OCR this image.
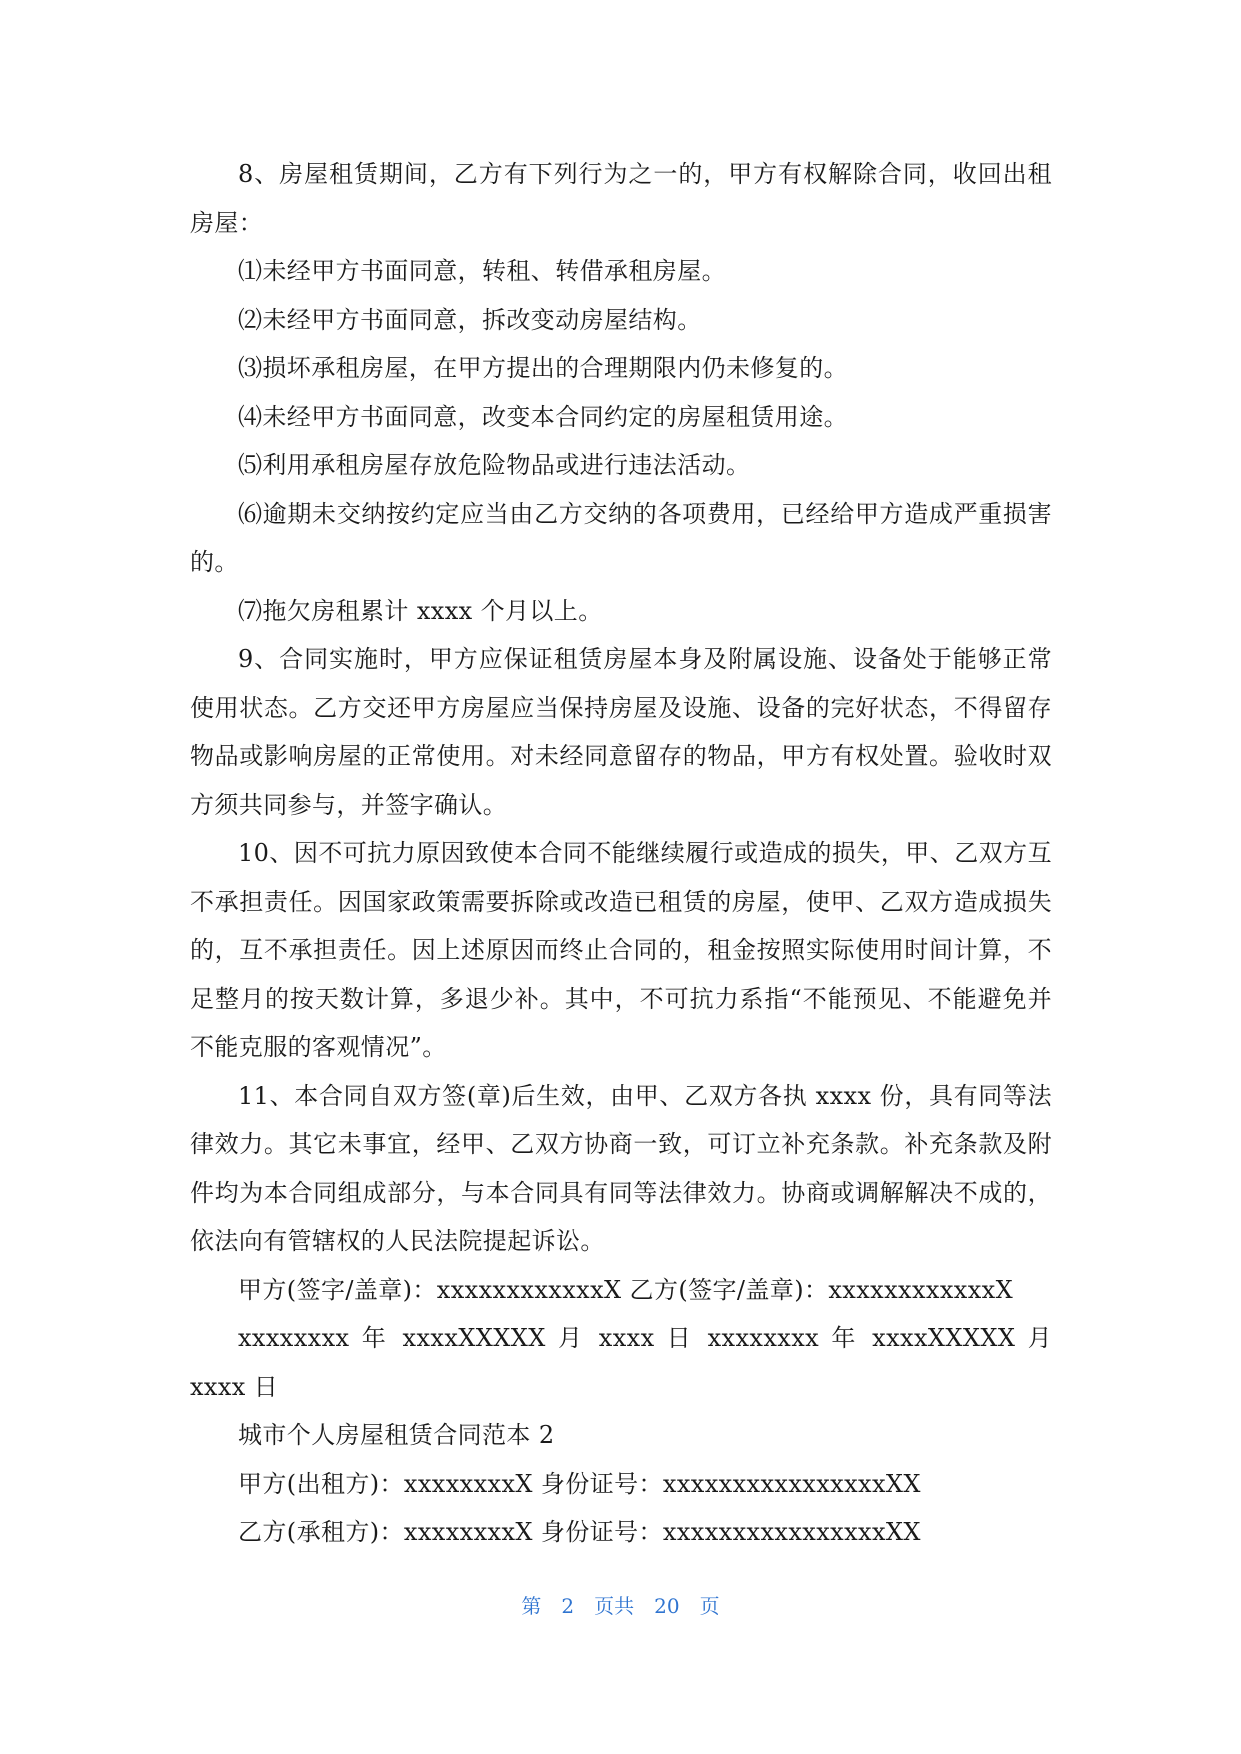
8、房屋租赁期间，乙方有下列行为之一的，甲方有权解除合同，收回出租房屋：

⑴未经甲方书面同意，转租、转借承租房屋。

⑵未经甲方书面同意，拆改变动房屋结构。

⑶损坏承租房屋，在甲方提出的合理期限内仍未修复的。

⑷未经甲方书面同意，改变本合同约定的房屋租赁用途。

⑸利用承租房屋存放危险物品或进行违法活动。

⑹逾期未交纳按约定应当由乙方交纳的各项费用，已经给甲方造成严重损害的。

⑺拖欠房租累计 xxxx 个月以上。

9、合同实施时，甲方应保证租赁房屋本身及附属设施、设备处于能够正常使用状态。乙方交还甲方房屋应当保持房屋及设施、设备的完好状态，不得留存物品或影响房屋的正常使用。对未经同意留存的物品，甲方有权处置。验收时双方须共同参与，并签字确认。

10、因不可抗力原因致使本合同不能继续履行或造成的损失，甲、乙双方互不承担责任。因国家政策需要拆除或改造已租赁的房屋，使甲、乙双方造成损失的，互不承担责任。因上述原因而终止合同的，租金按照实际使用时间计算，不足整月的按天数计算，多退少补。其中，不可抗力系指“不能预见、不能避免并不能克服的客观情况”。

11、本合同自双方签(章)后生效，由甲、乙双方各执 xxxx 份，具有同等法律效力。其它未事宜，经甲、乙双方协商一致，可订立补充条款。补充条款及附件均为本合同组成部分，与本合同具有同等法律效力。协商或调解解决不成的，依法向有管辖权的人民法院提起诉讼。

甲方(签字/盖章)：xxxxxxxxxxxxX 乙方(签字/盖章)：xxxxxxxxxxxxX

xxxxxxxx 年 xxxxXXXXX 月 xxxx 日 xxxxxxxx 年 xxxxXXXXX 月 xxxx 日

城市个人房屋租赁合同范本 2

甲方(出租方)：xxxxxxxxX 身份证号：xxxxxxxxxxxxxxxxXX

乙方(承租方)：xxxxxxxxX 身份证号：xxxxxxxxxxxxxxxxXX

第 2 页共 20 页
